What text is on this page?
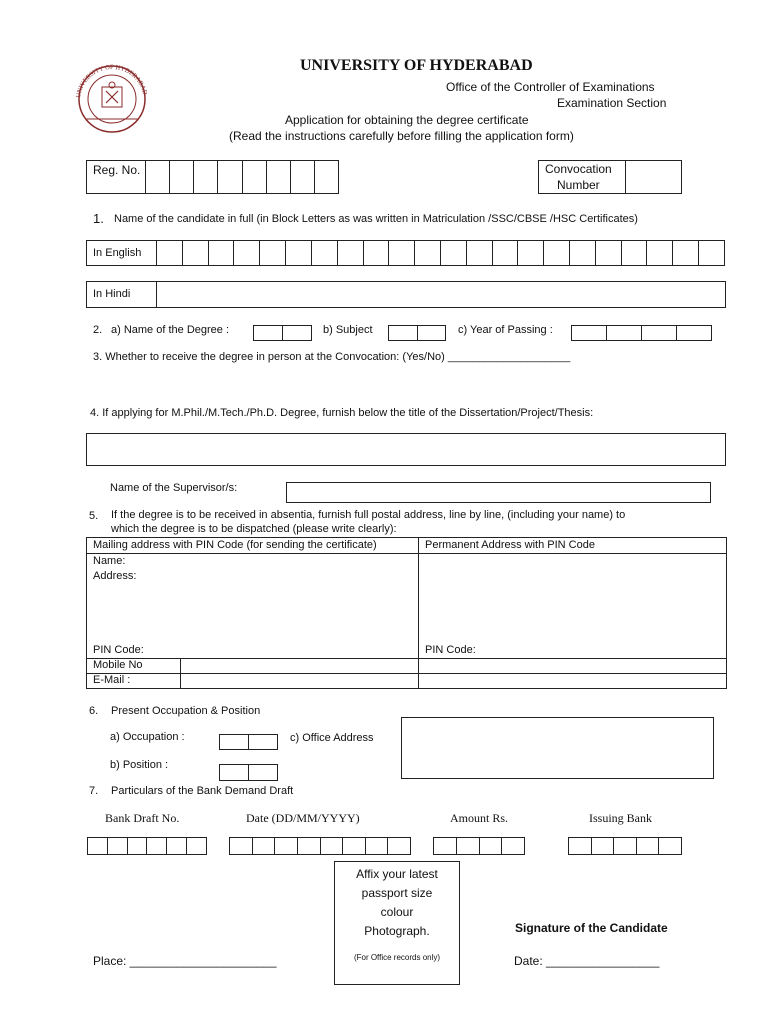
UNIVERSITY OF HYDERABAD
UNIVERSITY OF HYDERABAD
Office of the Controller of Examinations
Examination Section
Application for obtaining the degree certificate
(Read the instructions carefully before filling the application form)
Reg. No.	Convocation
Number
1. Name of the candidate in full (in Block Letters as was written in Matriculation /SSC/CBSE /HSC Certificates)
In English
In Hindi
2. a) Name of the Degree :	b) Subject	c) Year of Passing :
3. Whether to receive the degree in person at the Convocation: (Yes/No) ____________________
4. If applying for M.Phil./M.Tech./Ph.D. Degree, furnish below the title of the Dissertation/Project/Thesis:
Name of the Supervisor/s:
5. If the degree is to be received in absentia, furnish full postal address, line by line, (including your name) to
which the degree is to be dispatched (please write clearly):
Mailing address with PIN Code (for sending the certificate)	Permanent Address with PIN Code
Name:
Address:
PIN Code:	PIN Code:
Mobile No
E-Mail :
6. Present Occupation & Position
a) Occupation :	c) Office Address
b) Position :
7. Particulars of the Bank Demand Draft
Bank Draft No.	Date (DD/MM/YYYY)	Amount Rs.	Issuing Bank
Affix your latest
passport size
colour
Photograph.
(For Office records only)
Signature of the Candidate
Place: ______________________	Date: _________________
